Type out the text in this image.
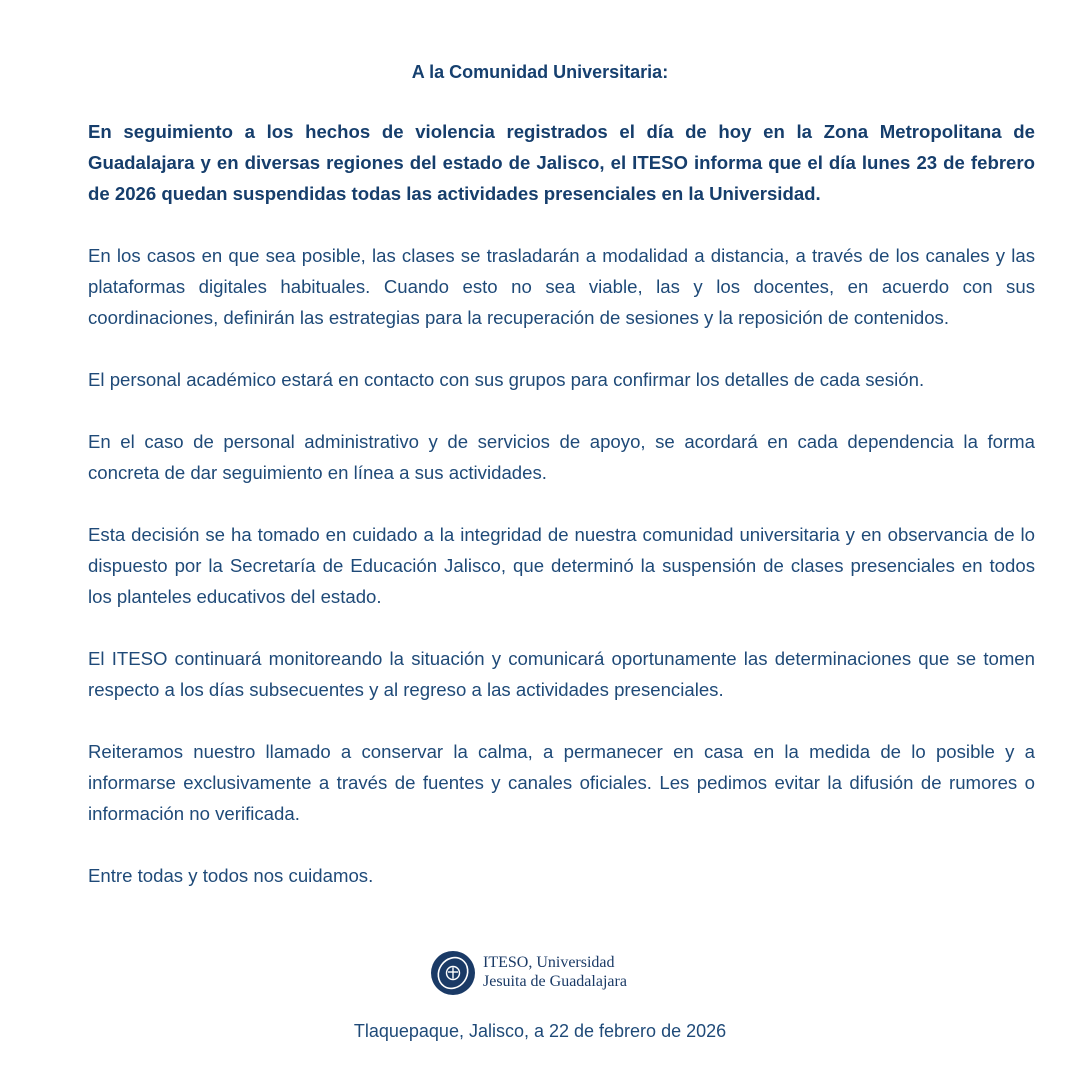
A la Comunidad Universitaria:

En seguimiento a los hechos de violencia registrados el día de hoy en la Zona Metropolitana de Guadalajara y en diversas regiones del estado de Jalisco, el ITESO informa que el día lunes 23 de febrero de 2026 quedan suspendidas todas las actividades presenciales en la Universidad.

En los casos en que sea posible, las clases se trasladarán a modalidad a distancia, a través de los canales y las plataformas digitales habituales. Cuando esto no sea viable, las y los docentes, en acuerdo con sus coordinaciones, definirán las estrategias para la recuperación de sesiones y la reposición de contenidos.

El personal académico estará en contacto con sus grupos para confirmar los detalles de cada sesión.

En el caso de personal administrativo y de servicios de apoyo, se acordará en cada dependencia la forma concreta de dar seguimiento en línea a sus actividades.

Esta decisión se ha tomado en cuidado a la integridad de nuestra comunidad universitaria y en observancia de lo dispuesto por la Secretaría de Educación Jalisco, que determinó la suspensión de clases presenciales en todos los planteles educativos del estado.

El ITESO continuará monitoreando la situación y comunicará oportunamente las determinaciones que se tomen respecto a los días subsecuentes y al regreso a las actividades presenciales.

Reiteramos nuestro llamado a conservar la calma, a permanecer en casa en la medida de lo posible y a informarse exclusivamente a través de fuentes y canales oficiales. Les pedimos evitar la difusión de rumores o información no verificada.

Entre todas y todos nos cuidamos.

ITESO, Universidad
Jesuita de Guadalajara
Tlaquepaque, Jalisco, a 22 de febrero de 2026
